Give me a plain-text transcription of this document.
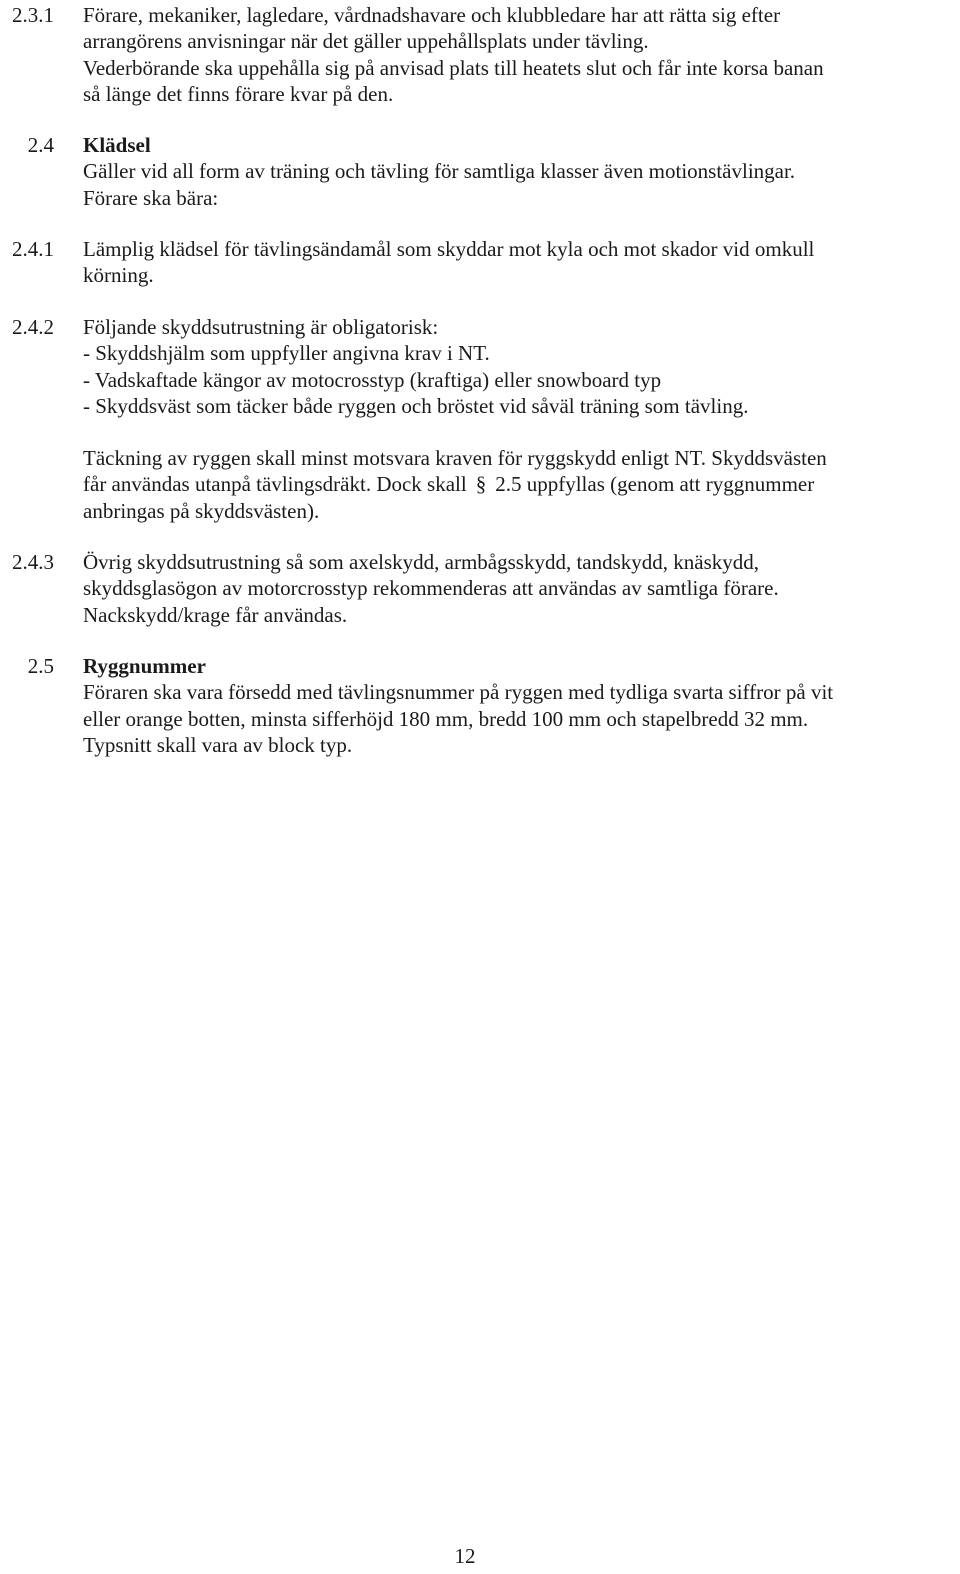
2.3.1 Förare, mekaniker, lagledare, vårdnadshavare och klubbledare har att rätta sig efter
arrangörens anvisningar när det gäller uppehållsplats under tävling.
Vederbörande ska uppehålla sig på anvisad plats till heatets slut och får inte korsa banan
så länge det finns förare kvar på den.
2.4 Klädsel
Gäller vid all form av träning och tävling för samtliga klasser även motionstävlingar.
Förare ska bära:
2.4.1 Lämplig klädsel för tävlingsändamål som skyddar mot kyla och mot skador vid omkull
körning.
2.4.2 Följande skyddsutrustning är obligatorisk:
- Skyddshjälm som uppfyller angivna krav i NT.
- Vadskaftade kängor av motocrosstyp (kraftiga) eller snowboard typ
- Skyddsväst som täcker både ryggen och bröstet vid såväl träning som tävling.
Täckning av ryggen skall minst motsvara kraven för ryggskydd enligt NT. Skyddsvästen
får användas utanpå tävlingsdräkt. Dock skall § 2.5 uppfyllas (genom att ryggnummer
anbringas på skyddsvästen).
2.4.3 Övrig skyddsutrustning så som axelskydd, armbågsskydd, tandskydd, knäskydd,
skyddsglasögon av motorcrosstyp rekommenderas att användas av samtliga förare.
Nackskydd/krage får användas.
2.5 Ryggnummer
Föraren ska vara försedd med tävlingsnummer på ryggen med tydliga svarta siffror på vit
eller orange botten, minsta sifferhöjd 180 mm, bredd 100 mm och stapelbredd 32 mm.
Typsnitt skall vara av block typ.
12
